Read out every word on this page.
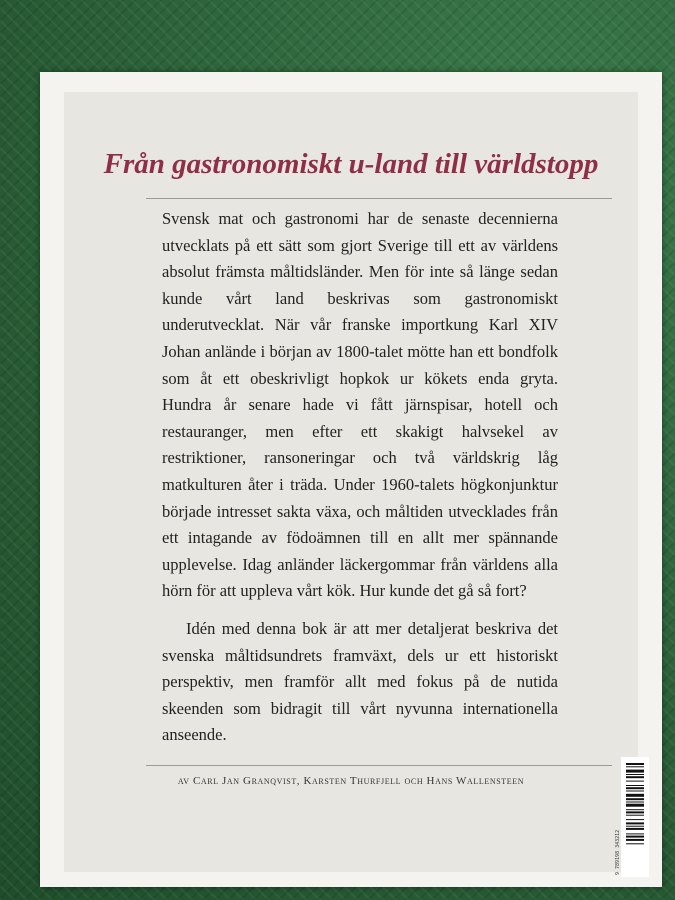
Från gastronomiskt u-land till världstopp

Svensk mat och gastronomi har de senaste decennierna utvecklats på ett sätt som gjort Sverige till ett av världens absolut främsta måltidsländer. Men för inte så länge sedan kunde vårt land beskrivas som gastronomiskt underutvecklat. När vår franske importkung Karl XIV Johan anlände i början av 1800-talet mötte han ett bondfolk som åt ett obeskrivligt hopkok ur kökets enda gryta. Hundra år senare hade vi fått järnspisar, hotell och restauranger, men efter ett skakigt halvsekel av restriktioner, ransoneringar och två världskrig låg matkulturen åter i träda. Under 1960-talets högkonjunktur började intresset sakta växa, och måltiden utvecklades från ett intagande av födoämnen till en allt mer spännande upplevelse. Idag anländer läckergommar från världens alla hörn för att uppleva vårt kök. Hur kunde det gå så fort?

Idén med denna bok är att mer detaljerat beskriva det svenska måltidsundrets framväxt, dels ur ett historiskt perspektiv, men framför allt med fokus på de nutida skeenden som bidragit till vårt nyvunna internationella anseende.

av Carl Jan Granqvist, Karsten Thurfjell och Hans Wallensteen
9 789198 343212
